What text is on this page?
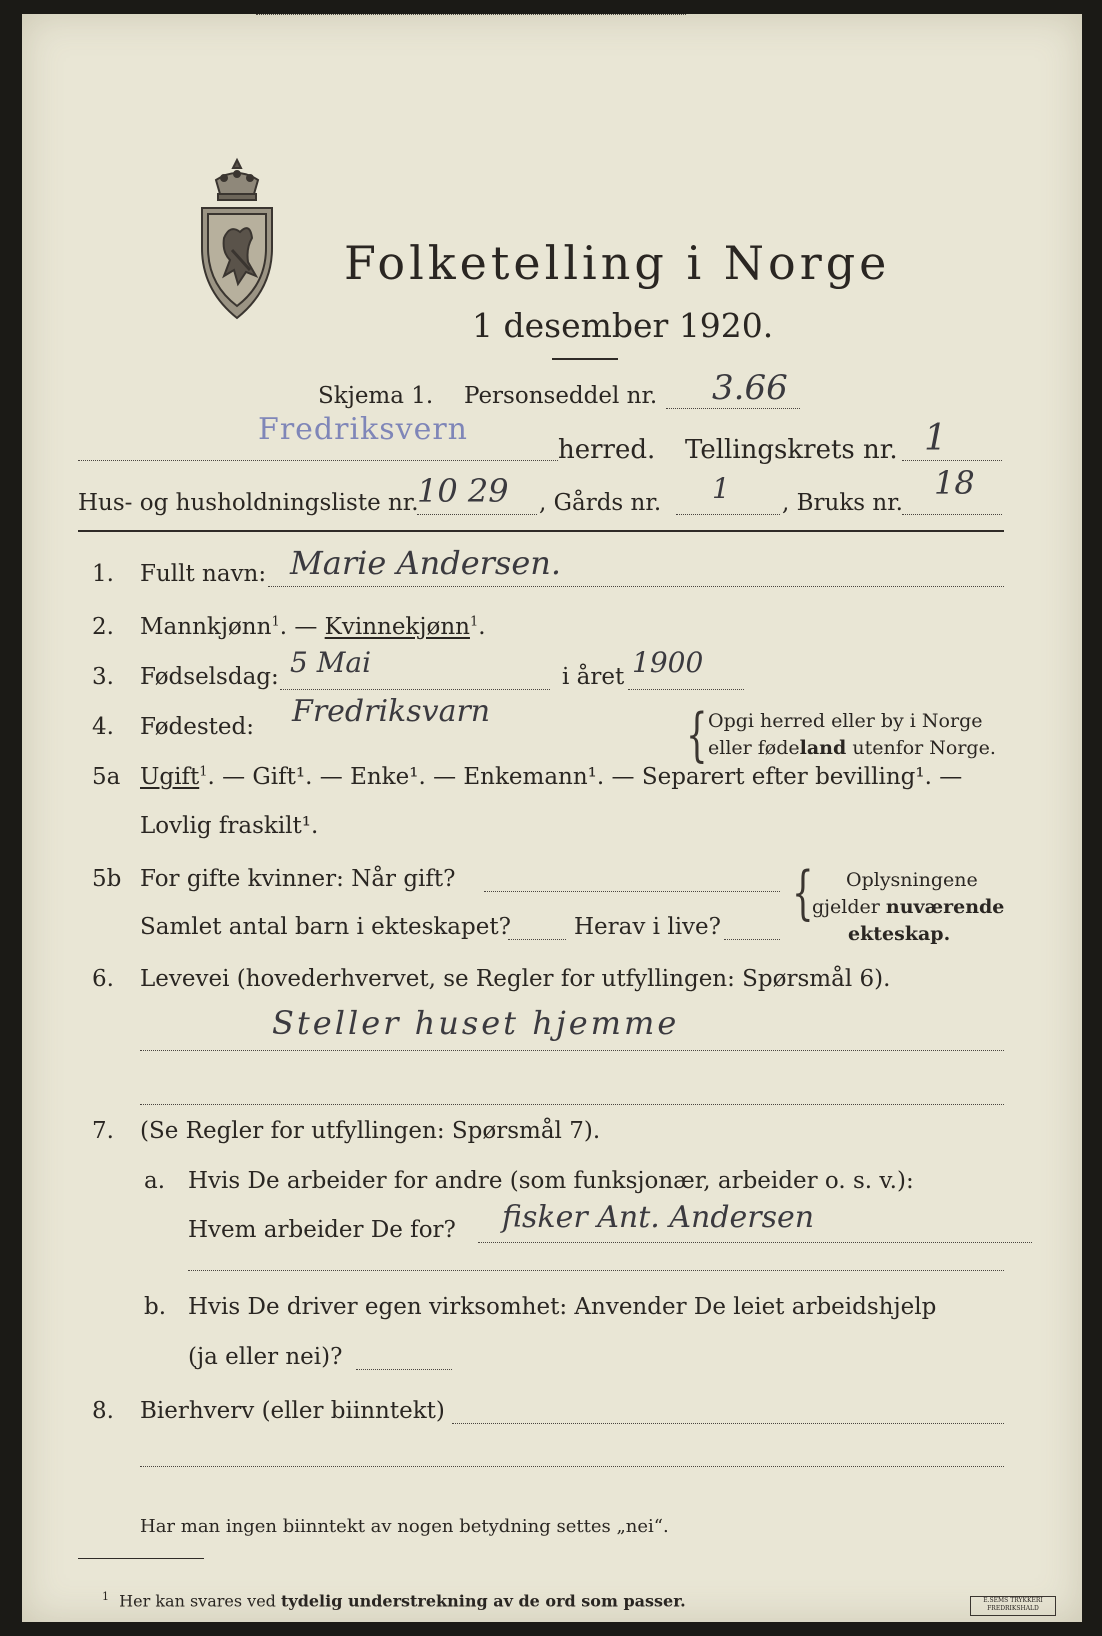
Folketelling i Norge
1 desember 1920.
Skjema 1. Personseddel nr. 3.66
Fredriksvern
herred. Tellingskrets nr. 1
Hus- og husholdningsliste nr.
10 29 , Gårds nr. 1 , Bruks nr.
18
1. Fullt navn: Marie Andersen.
2. Mannkjønn$^1$. — Kvinnekjønn$^1$.
3. Fødselsdag: 5 Mai	i året 1900
4. Fødested: Fredriksvarn	{ Opgi herred eller by i Norge
eller fødeland utenfor Norge.
5a Ugift$^1$. — Gift¹. — Enke¹. — Enkemann¹. — Separert efter bevilling¹. —
Lovlig fraskilt¹.
5b For gifte kvinner: Når gift?
Samlet antal barn i ekteskapet?	Herav i live? { Oplysningene
gjelder nuværende
ekteskap.
6. Levevei (hovederhvervet, se Regler for utfyllingen: Spørsmål 6).
Steller huset hjemme
7. (Se Regler for utfyllingen: Spørsmål 7).
a. Hvis De arbeider for andre (som funksjonær, arbeider o. s. v.):
Hvem arbeider De for? fisker Ant. Andersen
b. Hvis De driver egen virksomhet: Anvender De leiet arbeidshjelp
(ja eller nei)?
8. Bierhverv (eller biinntekt)
Har man ingen biinntekt av nogen betydning settes „nei“.
$^1$ Her kan svares ved tydelig understrekning av de ord som passer.	E.SEMS TRYKKERI FREDRIKSHALD
